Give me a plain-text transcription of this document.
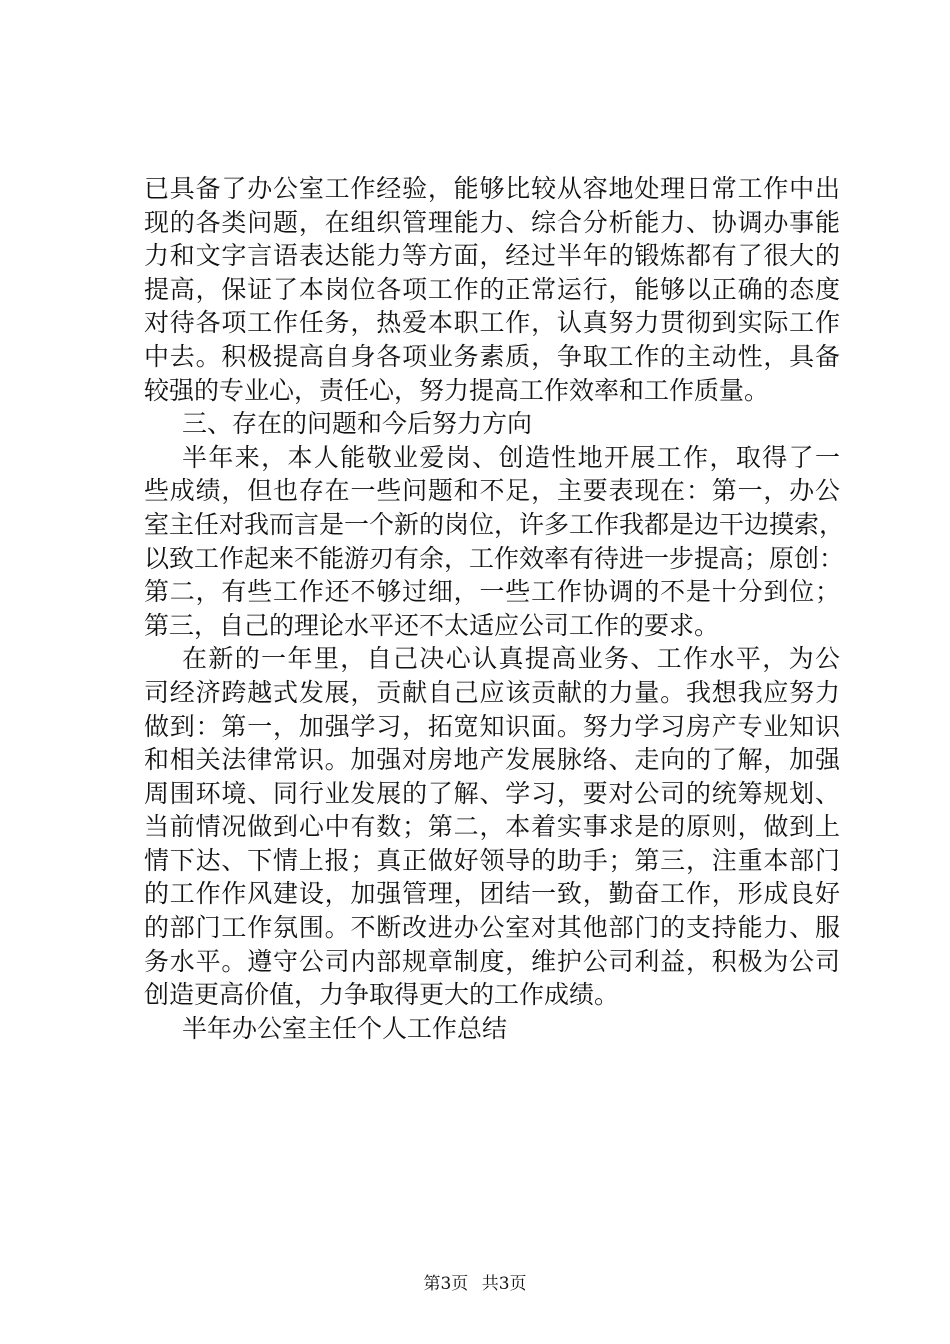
已具备了办公室工作经验，能够比较从容地处理日常工作中出
现的各类问题，在组织管理能力、综合分析能力、协调办事能
力和文字言语表达能力等方面，经过半年的锻炼都有了很大的
提高，保证了本岗位各项工作的正常运行，能够以正确的态度
对待各项工作任务，热爱本职工作，认真努力贯彻到实际工作
中去。积极提高自身各项业务素质，争取工作的主动性，具备
较强的专业心，责任心，努力提高工作效率和工作质量。
三、存在的问题和今后努力方向
半年来，本人能敬业爱岗、创造性地开展工作，取得了一
些成绩，但也存在一些问题和不足，主要表现在：第一，办公
室主任对我而言是一个新的岗位，许多工作我都是边干边摸索，
以致工作起来不能游刃有余，工作效率有待进一步提高；原创：
第二，有些工作还不够过细，一些工作协调的不是十分到位；
第三，自己的理论水平还不太适应公司工作的要求。
在新的一年里，自己决心认真提高业务、工作水平，为公
司经济跨越式发展，贡献自己应该贡献的力量。我想我应努力
做到：第一，加强学习，拓宽知识面。努力学习房产专业知识
和相关法律常识。加强对房地产发展脉络、走向的了解，加强
周围环境、同行业发展的了解、学习，要对公司的统筹规划、
当前情况做到心中有数；第二，本着实事求是的原则，做到上
情下达、下情上报；真正做好领导的助手；第三，注重本部门
的工作作风建设，加强管理，团结一致，勤奋工作，形成良好
的部门工作氛围。不断改进办公室对其他部门的支持能力、服
务水平。遵守公司内部规章制度，维护公司利益，积极为公司
创造更高价值，力争取得更大的工作成绩。
半年办公室主任个人工作总结
第3页 共3页
